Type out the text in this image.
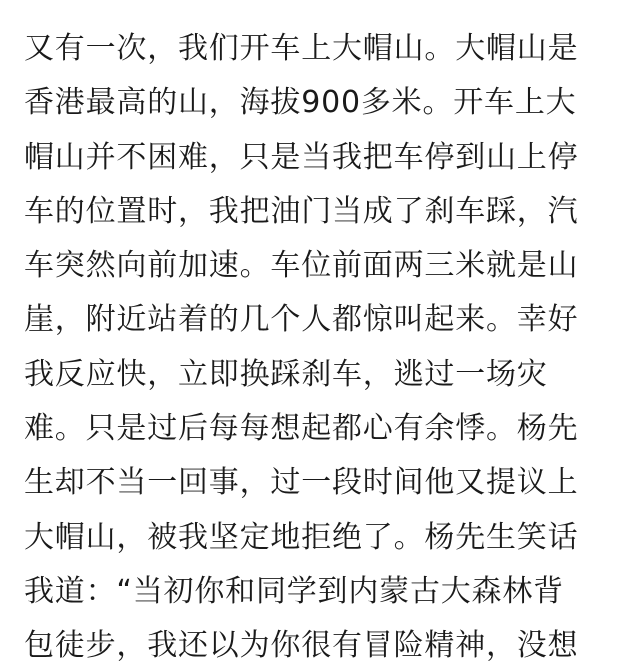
又有一次，我们开车上大帽山。大帽山是
香港最高的山，海拔900多米。开车上大
帽山并不困难，只是当我把车停到山上停
车的位置时，我把油门当成了刹车踩，汽
车突然向前加速。车位前面两三米就是山
崖，附近站着的几个人都惊叫起来。幸好
我反应快，立即换踩刹车，逃过一场灾
难。只是过后每每想起都心有余悸。杨先
生却不当一回事，过一段时间他又提议上
大帽山，被我坚定地拒绝了。杨先生笑话
我道：“当初你和同学到内蒙古大森林背
包徒步，我还以为你很有冒险精神，没想
